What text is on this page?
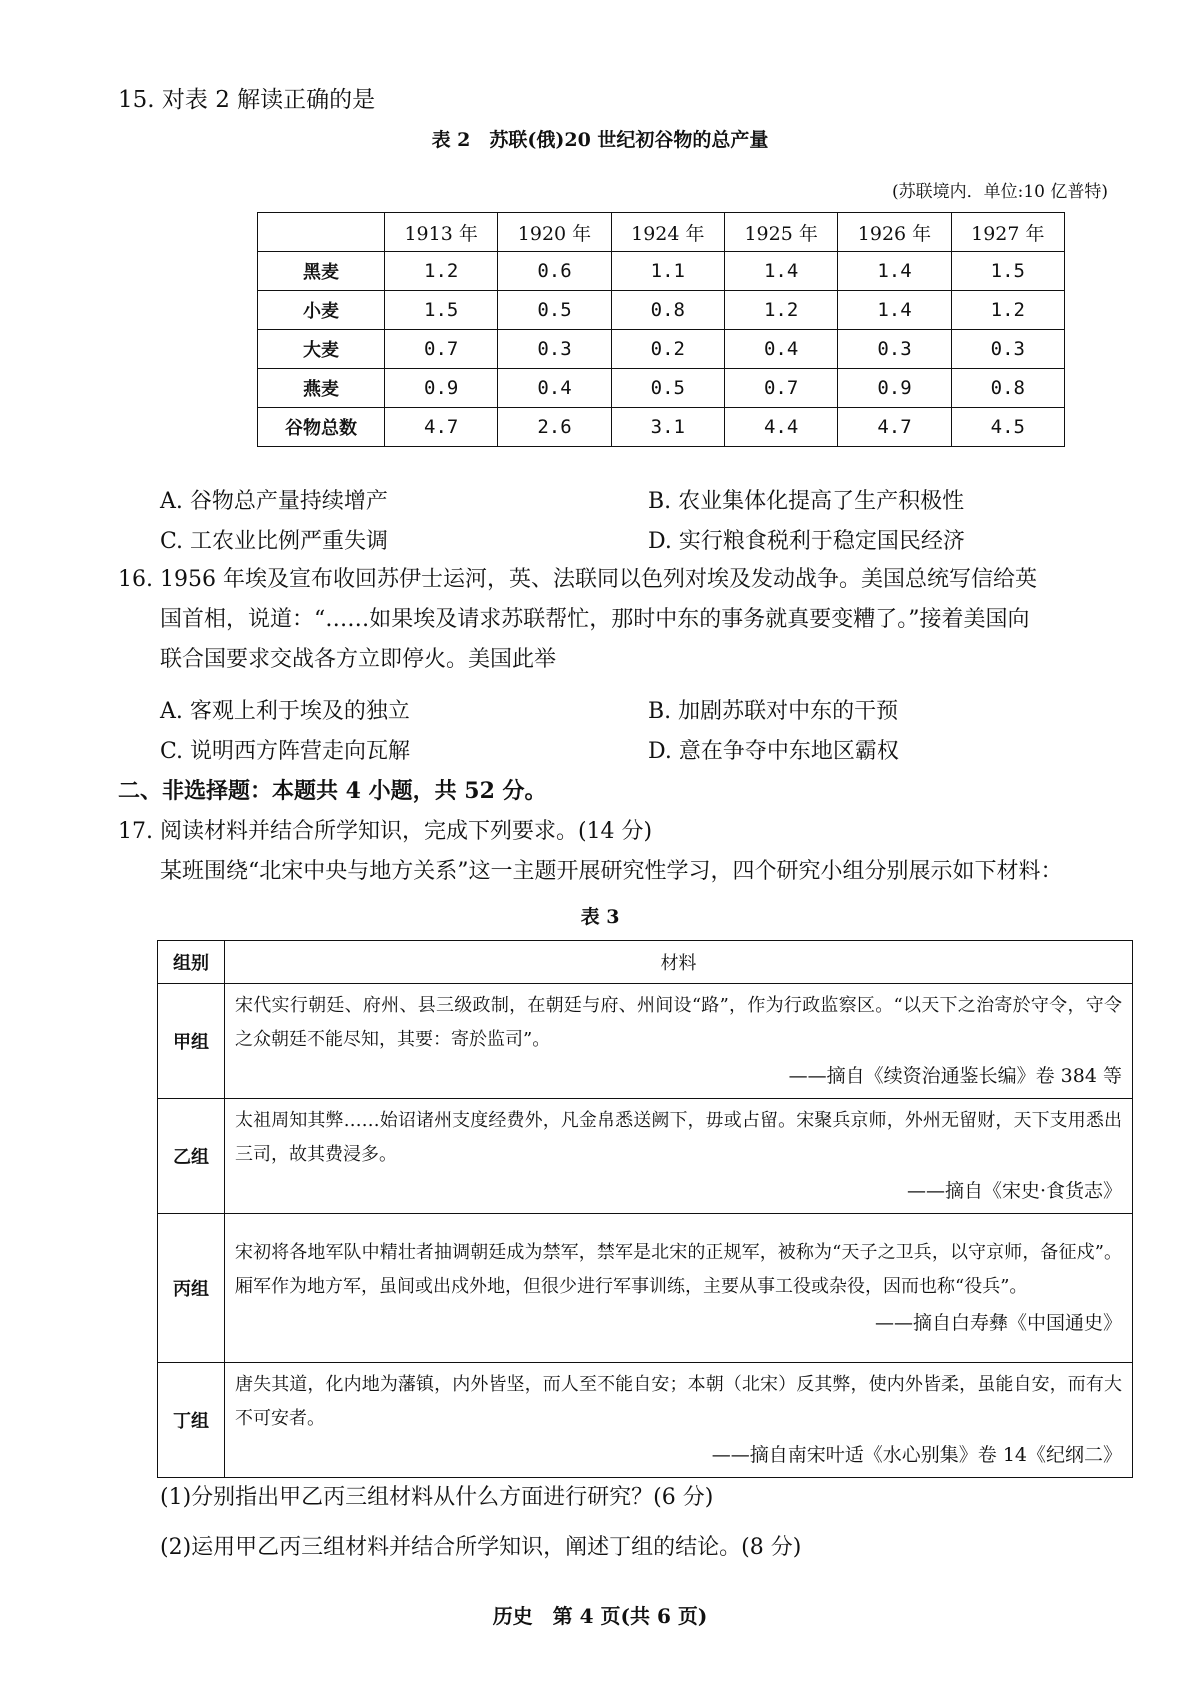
15. 对表 2 解读正确的是
表 2　苏联(俄)20 世纪初谷物的总产量
(苏联境内．单位:10 亿普特)
	1913 年	1920 年	1924 年	1925 年	1926 年	1927 年
黑麦	1.2	0.6	1.1	1.4	1.4	1.5
小麦	1.5	0.5	0.8	1.2	1.4	1.2
大麦	0.7	0.3	0.2	0.4	0.3	0.3
燕麦	0.9	0.4	0.5	0.7	0.9	0.8
谷物总数	4.7	2.6	3.1	4.4	4.7	4.5
A. 谷物总产量持续增产	B. 农业集体化提高了生产积极性
C. 工农业比例严重失调	D. 实行粮食税利于稳定国民经济
16. 1956 年埃及宣布收回苏伊士运河，英、法联同以色列对埃及发动战争。美国总统写信给英
国首相，说道：“……如果埃及请求苏联帮忙，那时中东的事务就真要变糟了。”接着美国向
联合国要求交战各方立即停火。美国此举
A. 客观上利于埃及的独立	B. 加剧苏联对中东的干预
C. 说明西方阵营走向瓦解	D. 意在争夺中东地区霸权
二、非选择题：本题共 4 小题，共 52 分。
17. 阅读材料并结合所学知识，完成下列要求。(14 分)
某班围绕“北宋中央与地方关系”这一主题开展研究性学习，四个研究小组分别展示如下材料：
表 3
组别	材料
甲组	宋代实行朝廷、府州、县三级政制，在朝廷与府、州间设“路”，作为行政监察区。“以天下之治寄於守令，守令之众朝廷不能尽知，其要：寄於监司”。
——摘自《续资治通鉴长编》卷 384 等

乙组	太祖周知其弊……始诏诸州支度经费外，凡金帛悉送阙下，毋或占留。宋聚兵京师，外州无留财，天下支用悉出三司，故其费浸多。
——摘自《宋史·食货志》

丙组	宋初将各地军队中精壮者抽调朝廷成为禁军，禁军是北宋的正规军，被称为“天子之卫兵，以守京师，备征戍”。厢军作为地方军，虽间或出戍外地，但很少进行军事训练，主要从事工役或杂役，因而也称“役兵”。
——摘自白寿彝《中国通史》

丁组	唐失其道，化内地为藩镇，内外皆坚，而人至不能自安；本朝（北宋）反其弊，使内外皆柔，虽能自安，而有大不可安者。
——摘自南宋叶适《水心别集》卷 14《纪纲二》
(1)分别指出甲乙丙三组材料从什么方面进行研究？(6 分)
(2)运用甲乙丙三组材料并结合所学知识，阐述丁组的结论。(8 分)
历史　第 4 页(共 6 页)
